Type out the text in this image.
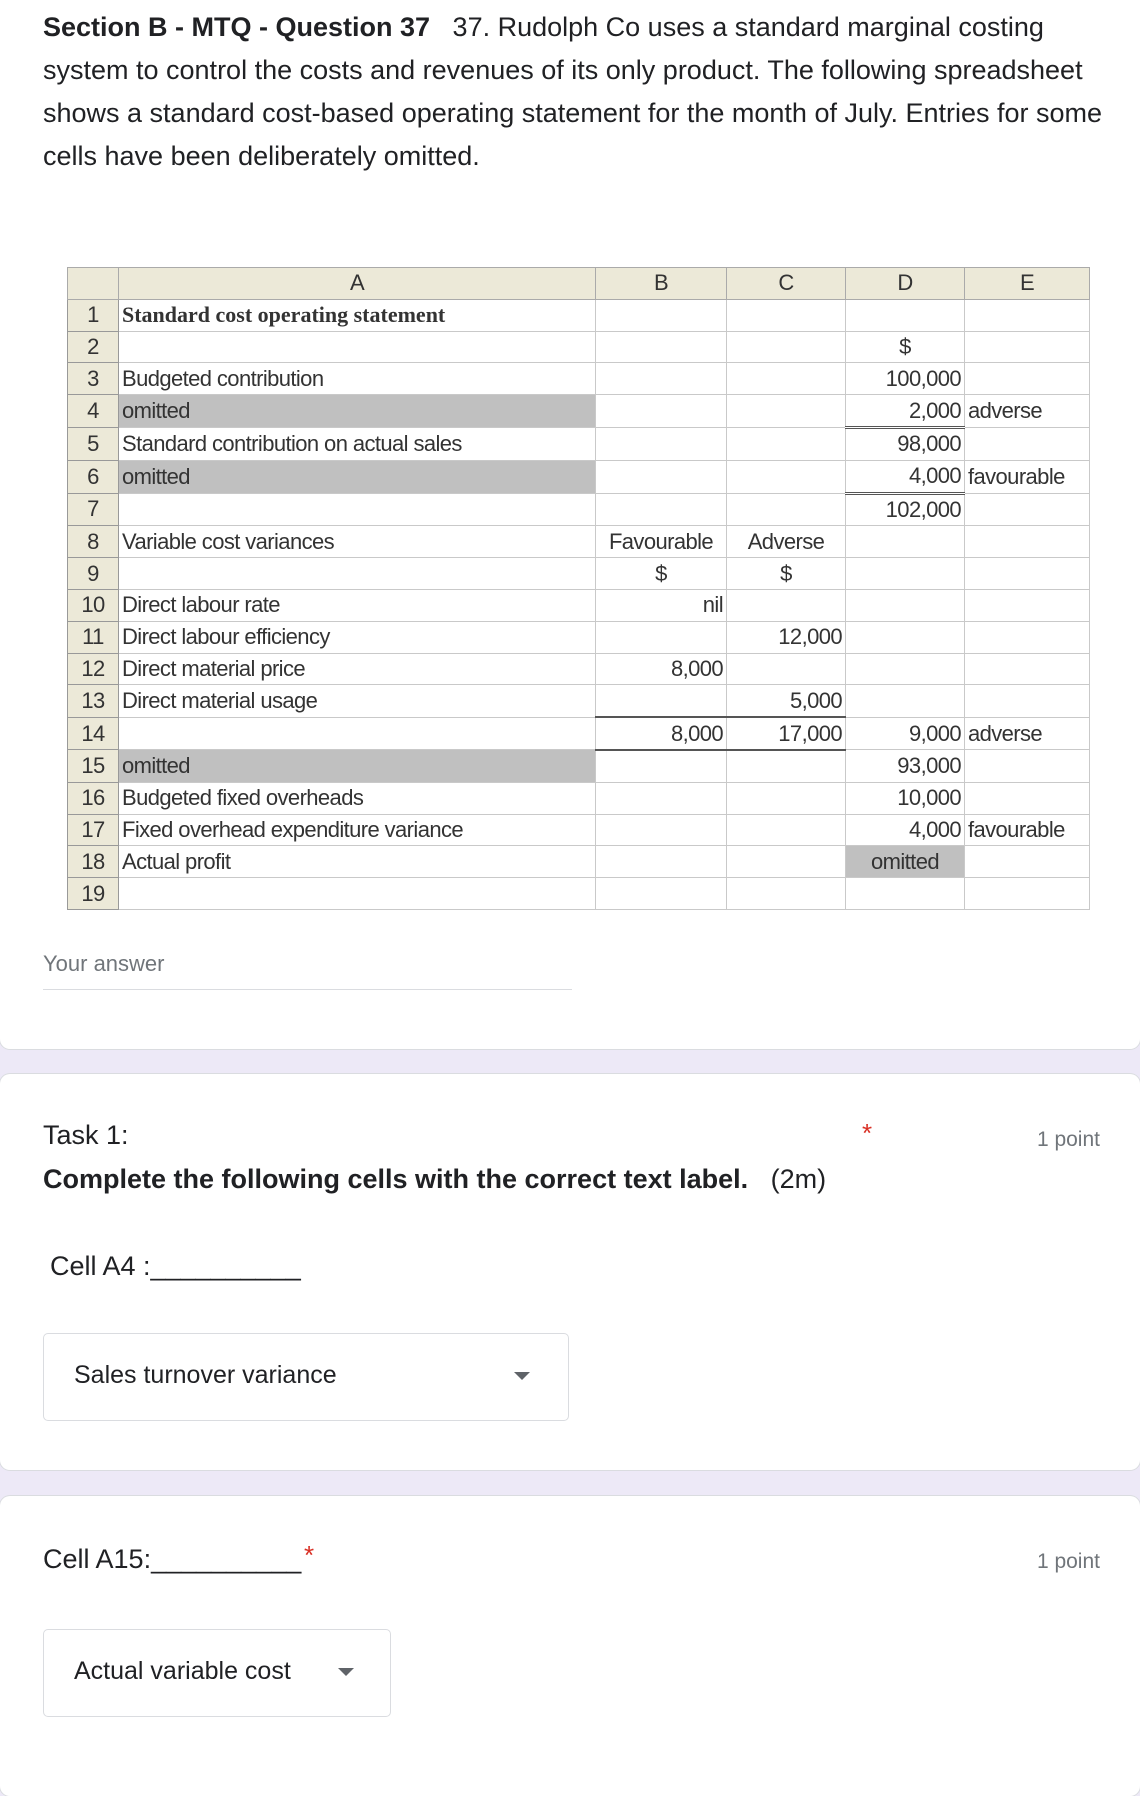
Section B - MTQ - Question 37 37. Rudolph Co uses a standard marginal costing system to control the costs and revenues of its only product. The following spreadsheet shows a standard cost-based operating statement for the month of July. Entries for some cells have been deliberately omitted.
	A	B	C	D	E
1	Standard cost operating statement				
2				$	
3	Budgeted contribution			100,000	
4	omitted			2,000	adverse
5	Standard contribution on actual sales			98,000	
6	omitted			4,000	favourable
7				102,000	
8	Variable cost variances	Favourable	Adverse		
9		$	$		
10	Direct labour rate	nil			
11	Direct labour efficiency		12,000		
12	Direct material price	8,000			
13	Direct material usage		5,000		
14		8,000	17,000	9,000	adverse
15	omitted			93,000	
16	Budgeted fixed overheads			10,000	
17	Fixed overhead expenditure variance			4,000	favourable
18	Actual profit			omitted	
19					
Your answer
Task 1:	*	1 point
Complete the following cells with the correct text label. (2m)
Cell A4 :__________
Sales turnover variance
Cell A15:__________ *	1 point
Actual variable cost
